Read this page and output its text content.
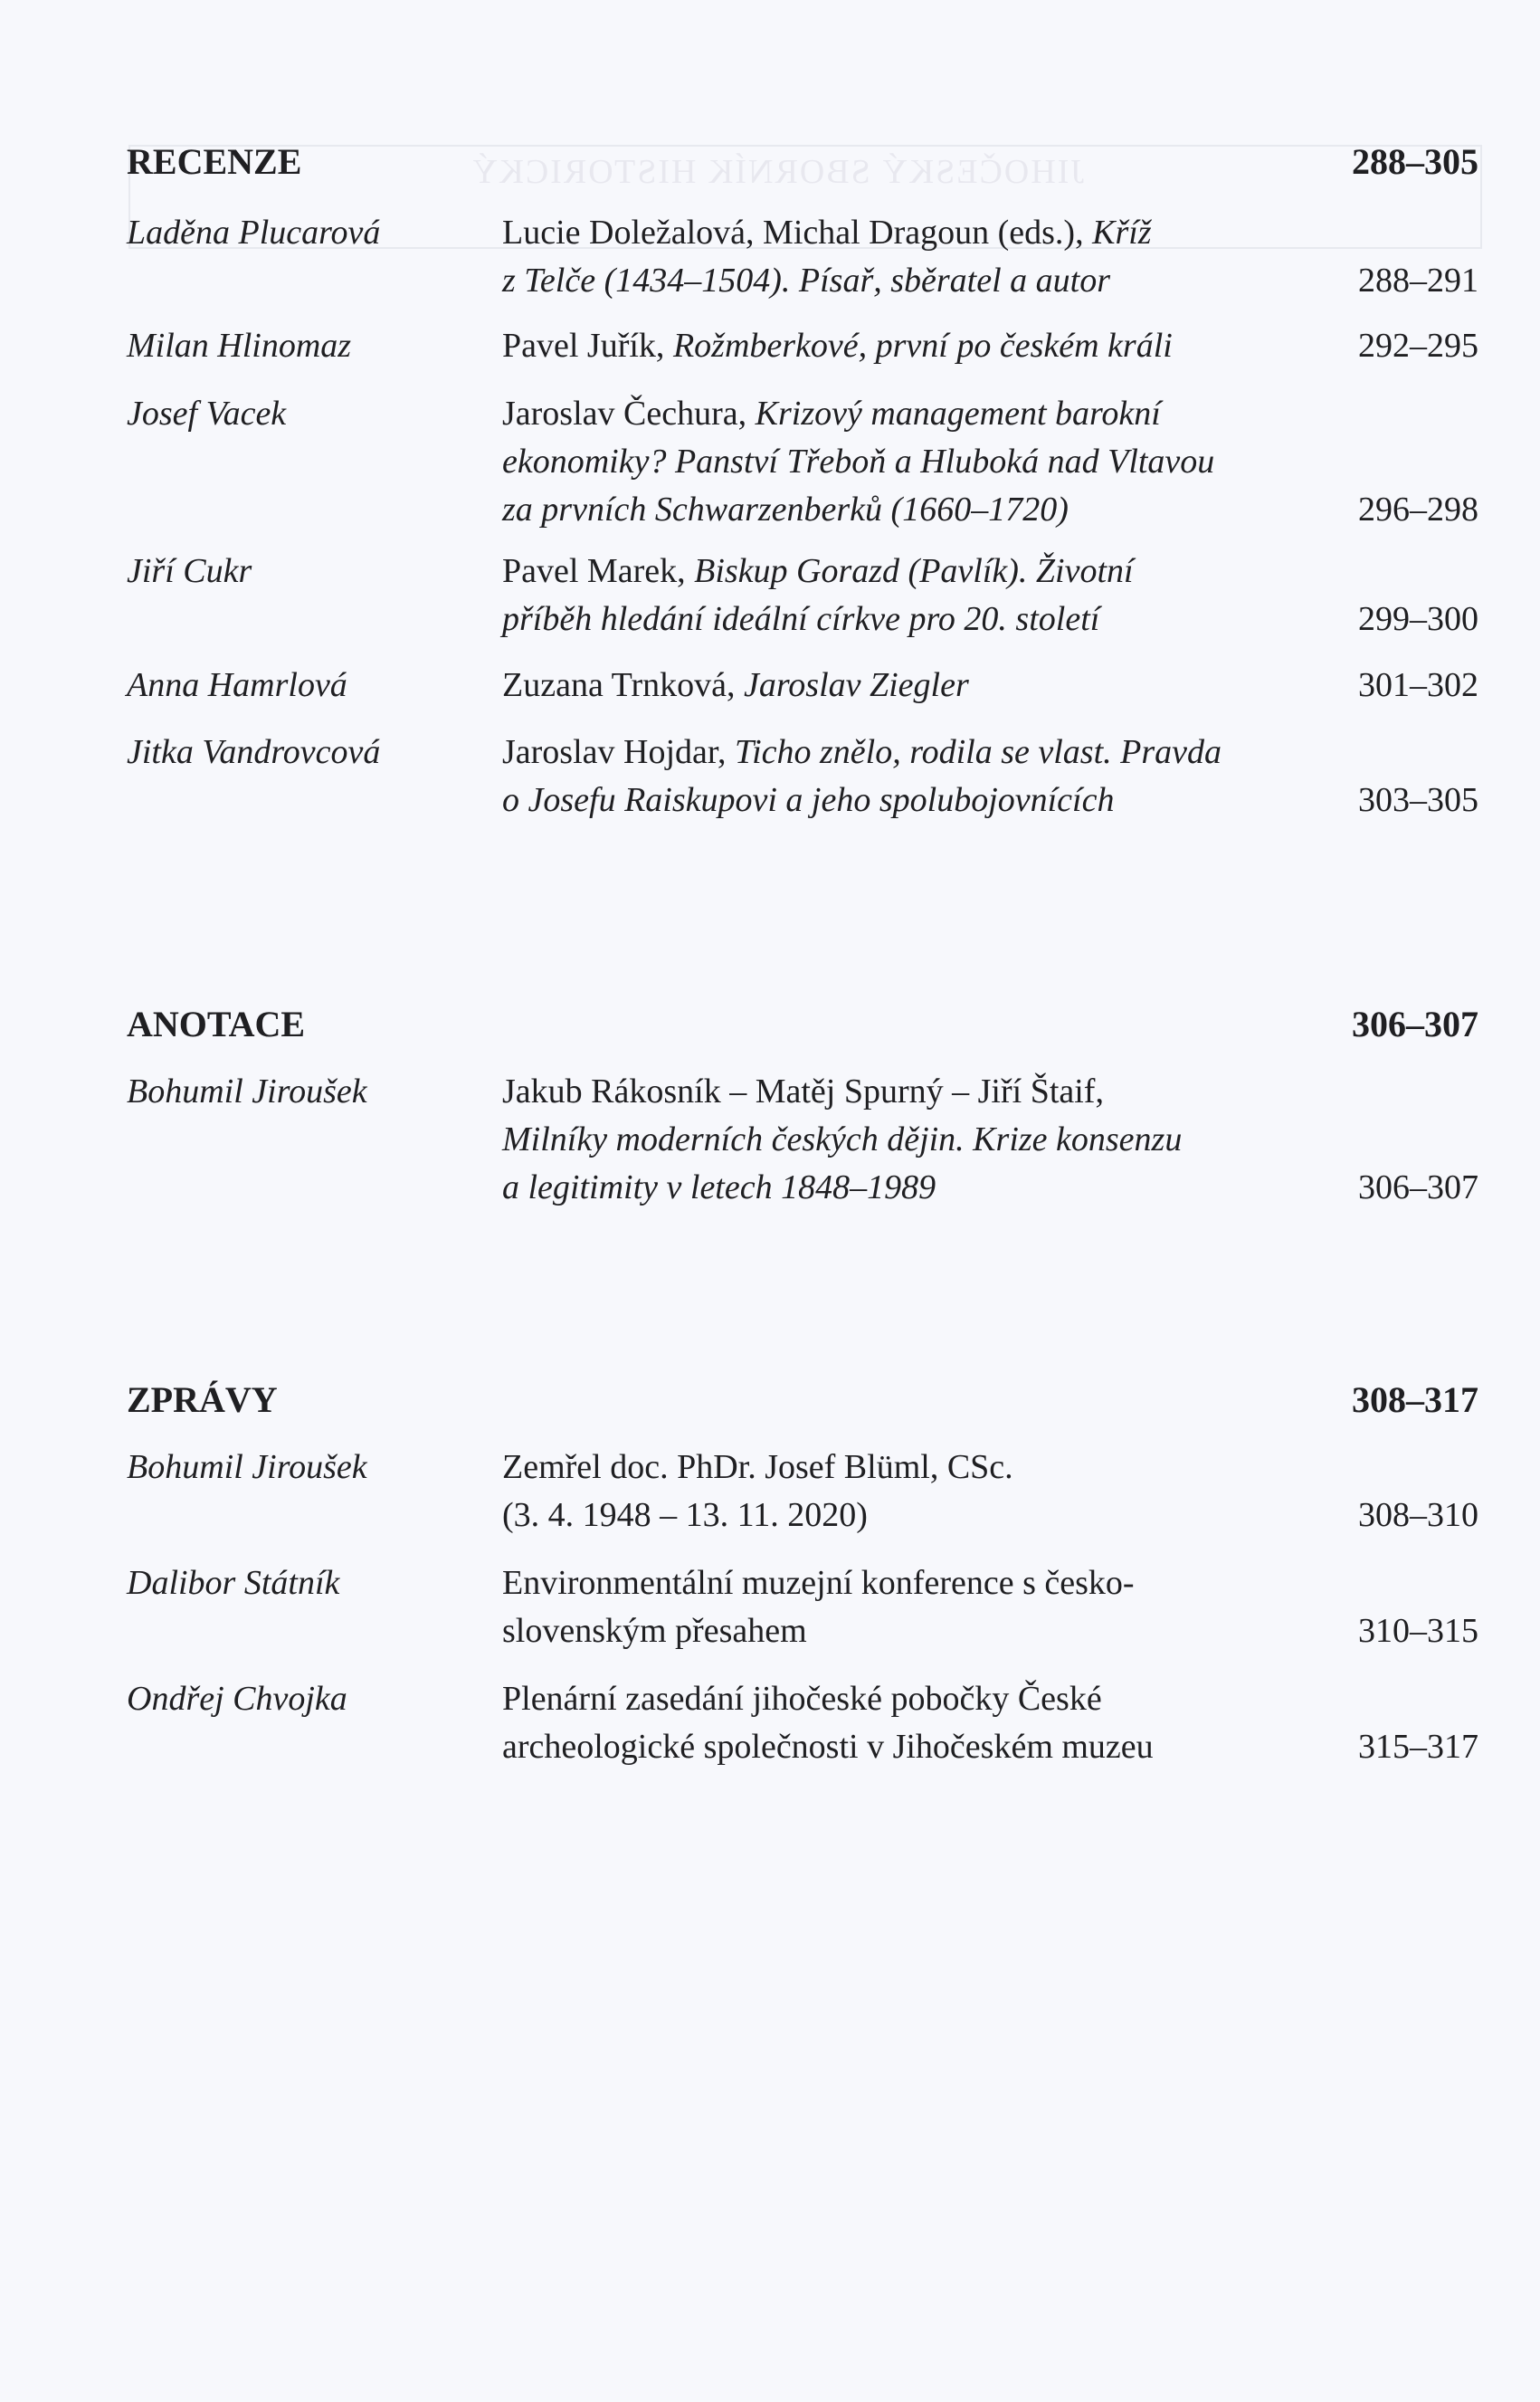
JIHOČESKÝ SBORNÍK HISTORICKÝ
RECENZE	288–305
Laděna Plucarová	Lucie Doležalová, Michal Dragoun (eds.), Kříž
z Telče (1434–1504). Písař, sběratel a autor	288–291
Milan Hlinomaz	Pavel Juřík, Rožmberkové, první po českém králi	292–295
Josef Vacek	Jaroslav Čechura, Krizový management barokní
ekonomiky? Panství Třeboň a Hluboká nad Vltavou
za prvních Schwarzenberků (1660–1720)	296–298
Jiří Cukr	Pavel Marek, Biskup Gorazd (Pavlík). Životní
příběh hledání ideální církve pro 20. století	299–300
Anna Hamrlová	Zuzana Trnková, Jaroslav Ziegler	301–302
Jitka Vandrovcová	Jaroslav Hojdar, Ticho znělo, rodila se vlast. Pravda
o Josefu Raiskupovi a jeho spolubojovnících	303–305
ANOTACE	306–307
Bohumil Jiroušek	Jakub Rákosník – Matěj Spurný – Jiří Štaif,
Milníky moderních českých dějin. Krize konsenzu
a legitimity v letech 1848–1989	306–307
ZPRÁVY	308–317
Bohumil Jiroušek	Zemřel doc. PhDr. Josef Blüml, CSc.
(3. 4. 1948 – 13. 11. 2020)	308–310
Dalibor Státník	Environmentální muzejní konference s česko-
slovenským přesahem	310–315
Ondřej Chvojka	Plenární zasedání jihočeské pobočky České
archeologické společnosti v Jihočeském muzeu	315–317
